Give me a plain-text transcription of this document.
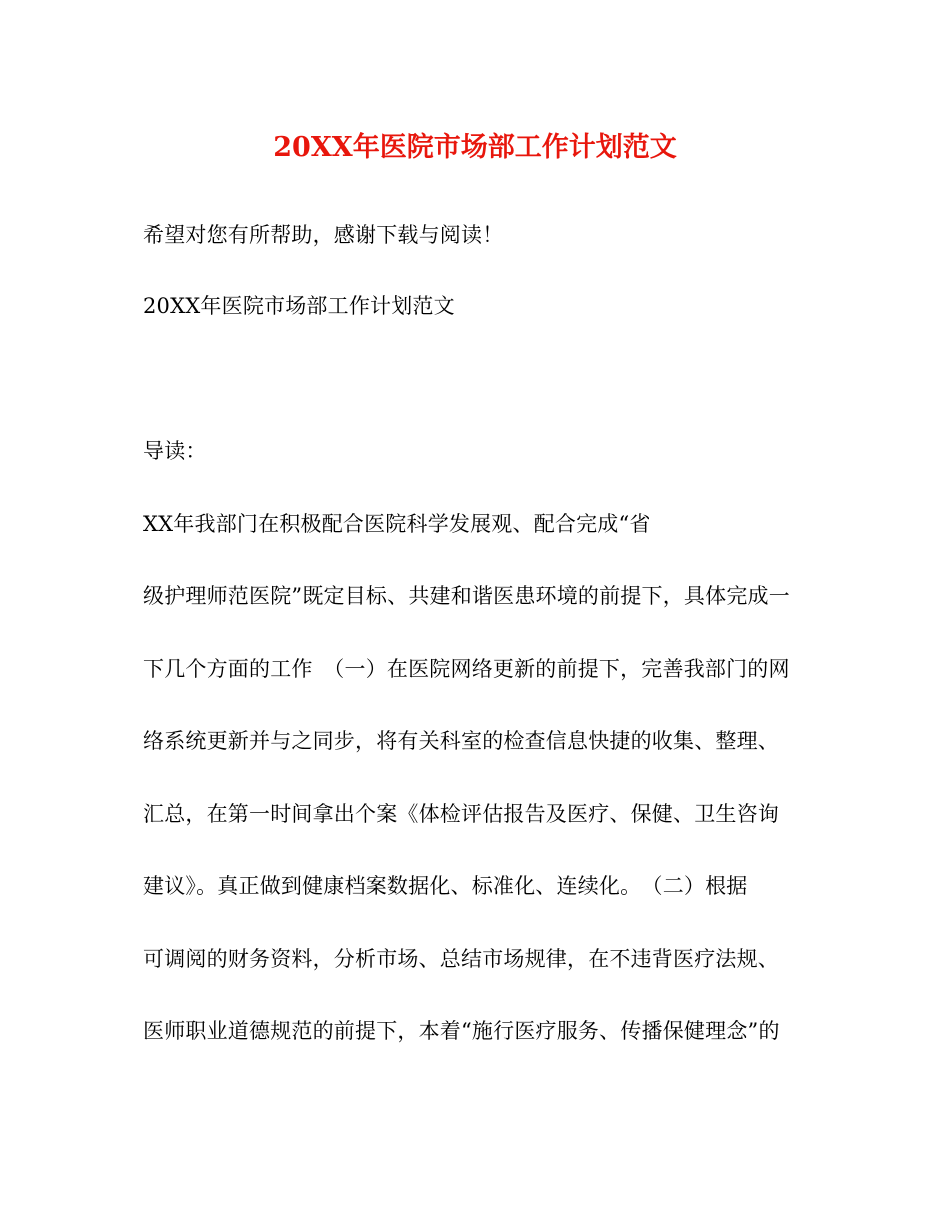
20XX年医院市场部工作计划范文
希望对您有所帮助，感谢下载与阅读！
20XX年医院市场部工作计划范文
导读：
XX年我部门在积极配合医院科学发展观、配合完成“省
级护理师范医院”既定目标、共建和谐医患环境的前提下，具体完成一
下几个方面的工作　（一）在医院网络更新的前提下，完善我部门的网
络系统更新并与之同步，将有关科室的检查信息快捷的收集、整理、
汇总，在第一时间拿出个案《体检评估报告及医疗、保健、卫生咨询
建议》。真正做到健康档案数据化、标准化、连续化。　（二）根据
可调阅的财务资料，分析市场、总结市场规律，在不违背医疗法规、
医师职业道德规范的前提下，本着“施行医疗服务、传播保健理念”的
